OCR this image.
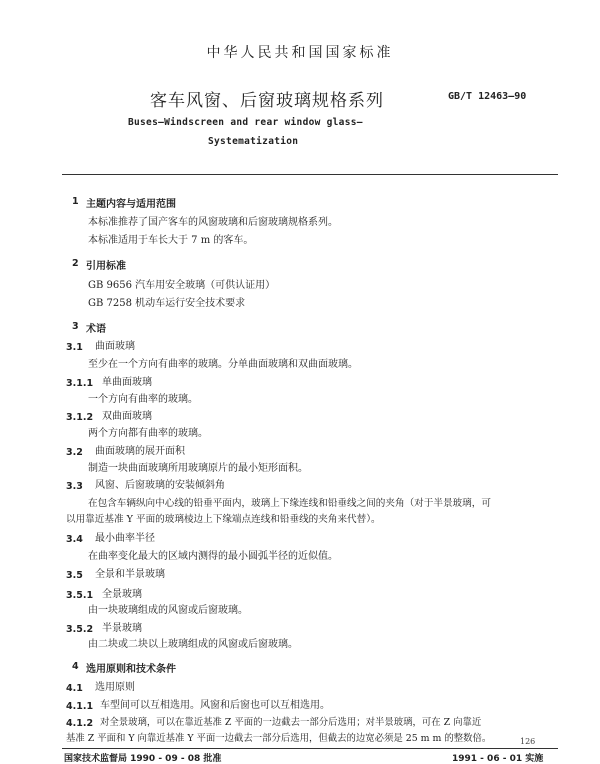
中华人民共和国国家标准
客车风窗、后窗玻璃规格系列	GB/T 12463—90
Buses—Windscreen and rear window glass—
Systematization
1 主题内容与适用范围
本标准推荐了国产客车的风窗玻璃和后窗玻璃规格系列。
本标准适用于车长大于 7 m 的客车。
2 引用标准
GB 9656 汽车用安全玻璃（可供认证用）
GB 7258 机动车运行安全技术要求
3 术语
3.1 曲面玻璃
至少在一个方向有曲率的玻璃。分单曲面玻璃和双曲面玻璃。
3.1.1 单曲面玻璃
一个方向有曲率的玻璃。
3.1.2 双曲面玻璃
两个方向都有曲率的玻璃。
3.2 曲面玻璃的展开面积
制造一块曲面玻璃所用玻璃原片的最小矩形面积。
3.3 风窗、后窗玻璃的安装倾斜角
在包含车辆纵向中心线的铅垂平面内，玻璃上下缘连线和铅垂线之间的夹角（对于半景玻璃，可
以用靠近基准 Y 平面的玻璃棱边上下缘端点连线和铅垂线的夹角来代替）。
3.4 最小曲率半径
在曲率变化最大的区域内测得的最小圆弧半径的近似值。
3.5 全景和半景玻璃
3.5.1 全景玻璃
由一块玻璃组成的风窗或后窗玻璃。
3.5.2 半景玻璃
由二块或二块以上玻璃组成的风窗或后窗玻璃。
4 选用原则和技术条件
4.1 选用原则
4.1.1 车型间可以互相选用。风窗和后窗也可以互相选用。
4.1.2 对全景玻璃，可以在靠近基准 Z 平面的一边截去一部分后选用；对半景玻璃，可在 Z 向靠近
基准 Z 平面和 Y 向靠近基准 Y 平面一边截去一部分后选用，但截去的边宽必须是 25 m m 的整数倍。
国家技术监督局 1990 - 09 - 08 批准	1991 - 06 - 01 实施
126
